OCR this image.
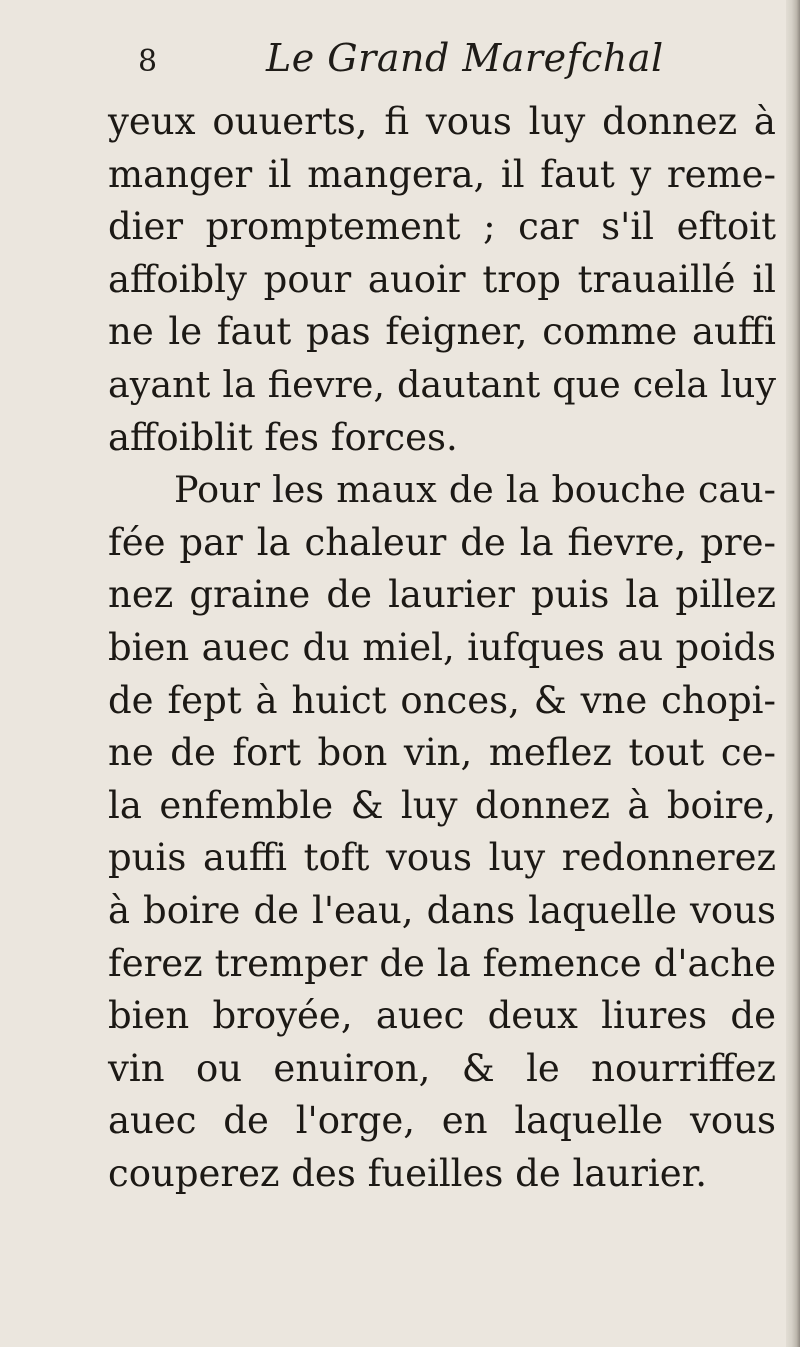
8	Le Grand Marefchal
yeux ouuerts, fi vous luy donnez à
manger il mangera, il faut y reme-
dier promptement ; car s'il eftoit
affoibly pour auoir trop trauaillé il
ne le faut pas feigner, comme auffi
ayant la fievre, dautant que cela luy
affoiblit fes forces.
Pour les maux de la bouche cau-
fée par la chaleur de la fievre, pre-
nez graine de laurier puis la pillez
bien auec du miel, iufques au poids
de fept à huict onces, & vne chopi-
ne de fort bon vin, meflez tout ce-
la enfemble & luy donnez à boire,
puis auffi toft vous luy redonnerez
à boire de l'eau, dans laquelle vous
ferez tremper de la femence d'ache
bien broyée, auec deux liures de
vin ou enuiron, & le nourriffez
auec de l'orge, en laquelle vous
couperez des fueilles de laurier.
